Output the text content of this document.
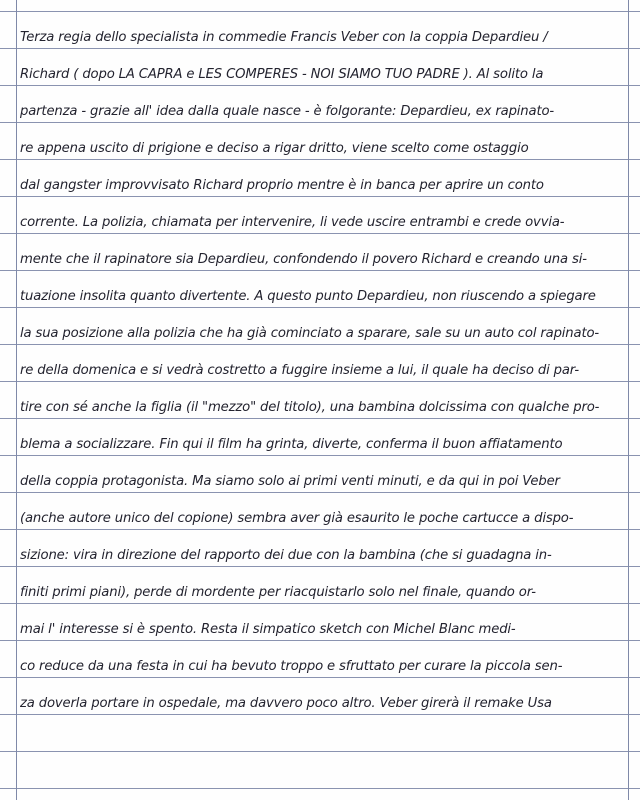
Terza regia dello specialista in commedie Francis Veber con la coppia Depardieu /
Richard ( dopo LA CAPRA e LES COMPERES - NOI SIAMO TUO PADRE ). Al solito la
partenza - grazie all' idea dalla quale nasce - è folgorante: Depardieu, ex rapinato-
re appena uscito di prigione e deciso a rigar dritto, viene scelto come ostaggio
dal gangster improvvisato Richard proprio mentre è in banca per aprire un conto
corrente. La polizia, chiamata per intervenire, li vede uscire entrambi e crede ovvia-
mente che il rapinatore sia Depardieu, confondendo il povero Richard e creando una si-
tuazione insolita quanto divertente. A questo punto Depardieu, non riuscendo a spiegare
la sua posizione alla polizia che ha già cominciato a sparare, sale su un auto col rapinato-
re della domenica e si vedrà costretto a fuggire insieme a lui, il quale ha deciso di par-
tire con sé anche la figlia (il "mezzo" del titolo), una bambina dolcissima con qualche pro-
blema a socializzare. Fin qui il film ha grinta, diverte, conferma il buon affiatamento
della coppia protagonista. Ma siamo solo ai primi venti minuti, e da qui in poi Veber
(anche autore unico del copione) sembra aver già esaurito le poche cartucce a dispo-
sizione: vira in direzione del rapporto dei due con la bambina (che si guadagna in-
finiti primi piani), perde di mordente per riacquistarlo solo nel finale, quando or-
mai l' interesse si è spento. Resta il simpatico sketch con Michel Blanc medi-
co reduce da una festa in cui ha bevuto troppo e sfruttato per curare la piccola sen-
za doverla portare in ospedale, ma davvero poco altro. Veber girerà il remake Usa
